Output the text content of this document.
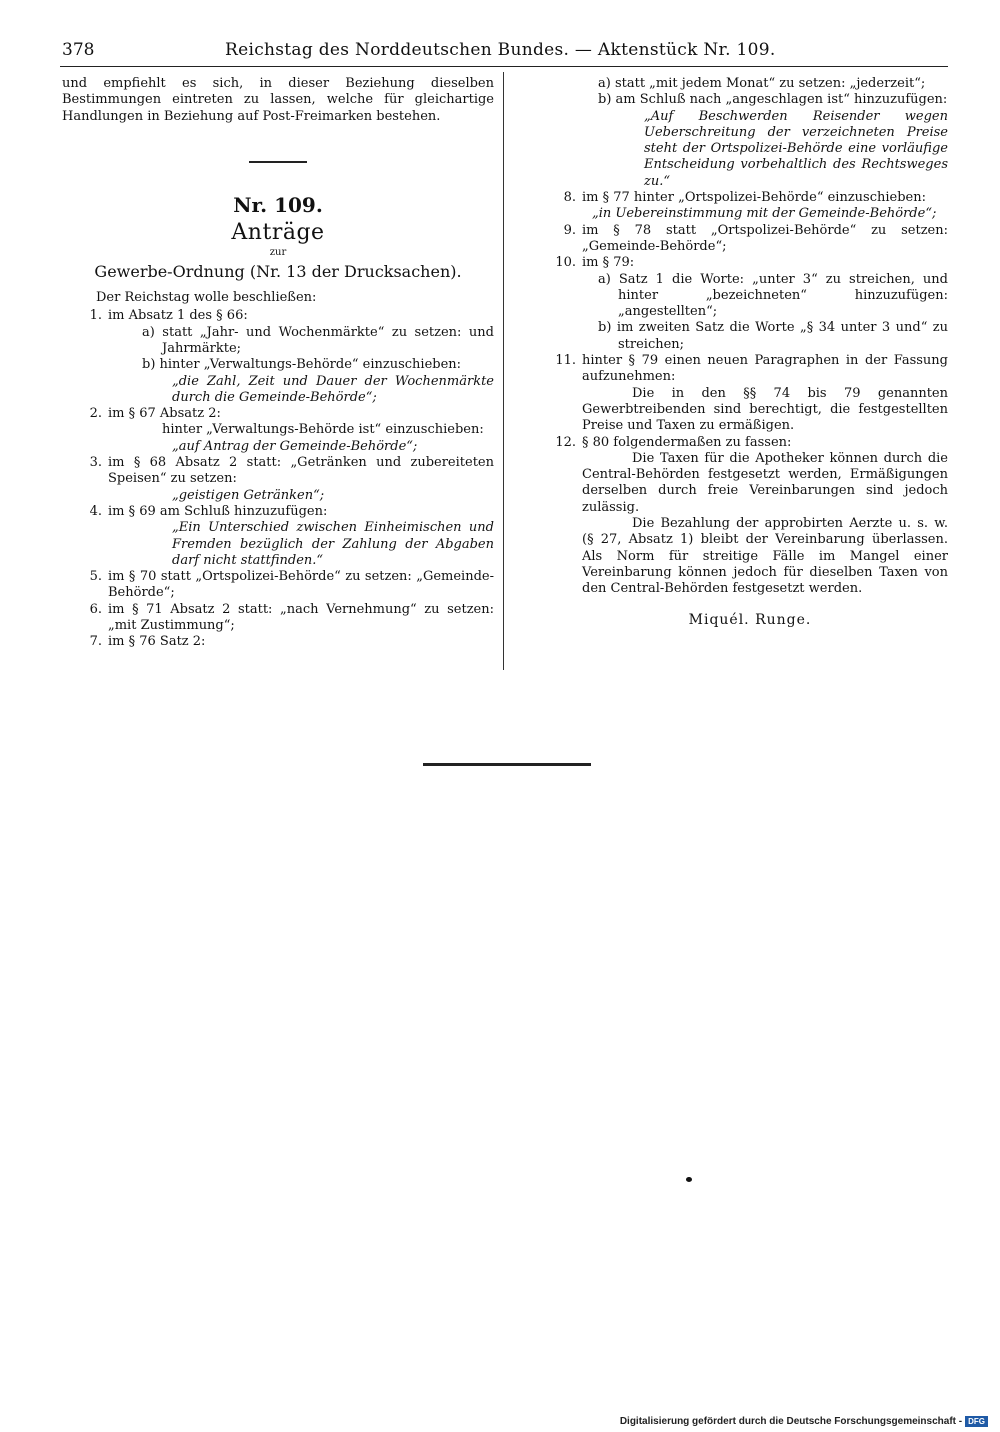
378	Reichstag des Norddeutschen Bundes. — Aktenstück Nr. 109.

und empfiehlt es sich, in dieser Beziehung dieselben Bestimmungen eintreten zu lassen, welche für gleichartige Handlungen in Beziehung auf Post-Freimarken bestehen.

Nr. 109.

Anträge

zur

Gewerbe-Ordnung (Nr. 13 der Drucksachen).

Der Reichstag wolle beschließen:

1. im Absatz 1 des § 66:
a) statt „Jahr- und Wochenmärkte“ zu setzen: und Jahrmärkte;
b) hinter „Verwaltungs-Behörde“ einzuschieben:
„die Zahl, Zeit und Dauer der Wochenmärkte durch die Gemeinde-Behörde“;
2. im § 67 Absatz 2:
hinter „Verwaltungs-Behörde ist“ einzuschieben:
„auf Antrag der Gemeinde-Behörde“;
3. im § 68 Absatz 2 statt: „Getränken und zubereiteten Speisen“ zu setzen:
„geistigen Getränken“;
4. im § 69 am Schluß hinzuzufügen:
„Ein Unterschied zwischen Einheimischen und Fremden bezüglich der Zahlung der Abgaben darf nicht stattfinden.“
5. im § 70 statt „Ortspolizei-Behörde“ zu setzen: „Gemeinde-Behörde“;
6. im § 71 Absatz 2 statt: „nach Vernehmung“ zu setzen: „mit Zustimmung“;
7. im § 76 Satz 2:
a) statt „mit jedem Monat“ zu setzen: „jederzeit“;
b) am Schluß nach „angeschlagen ist“ hinzuzufügen:
„Auf Beschwerden Reisender wegen Ueberschreitung der verzeichneten Preise steht der Ortspolizei-Behörde eine vorläufige Entscheidung vorbehaltlich des Rechtsweges zu.“
8. im § 77 hinter „Ortspolizei-Behörde“ einzuschieben:
„in Uebereinstimmung mit der Gemeinde-Behörde“;
9. im § 78 statt „Ortspolizei-Behörde“ zu setzen: „Gemeinde-Behörde“;
10. im § 79:
a) Satz 1 die Worte: „unter 3“ zu streichen, und hinter „bezeichneten“ hinzuzufügen: „angestellten“;
b) im zweiten Satz die Worte „§ 34 unter 3 und“ zu streichen;
11. hinter § 79 einen neuen Paragraphen in der Fassung aufzunehmen:
Die in den §§ 74 bis 79 genannten Gewerbtreibenden sind berechtigt, die festgestellten Preise und Taxen zu ermäßigen.
12. § 80 folgendermaßen zu fassen:
Die Taxen für die Apotheker können durch die Central-Behörden festgesetzt werden, Ermäßigungen derselben durch freie Vereinbarungen sind jedoch zulässig.
Die Bezahlung der approbirten Aerzte u. s. w. (§ 27, Absatz 1) bleibt der Vereinbarung überlassen. Als Norm für streitige Fälle im Mangel einer Vereinbarung können jedoch für dieselben Taxen von den Central-Behörden festgesetzt werden.
Miquél. Runge.
Digitalisierung gefördert durch die Deutsche Forschungsgemeinschaft - DFG
